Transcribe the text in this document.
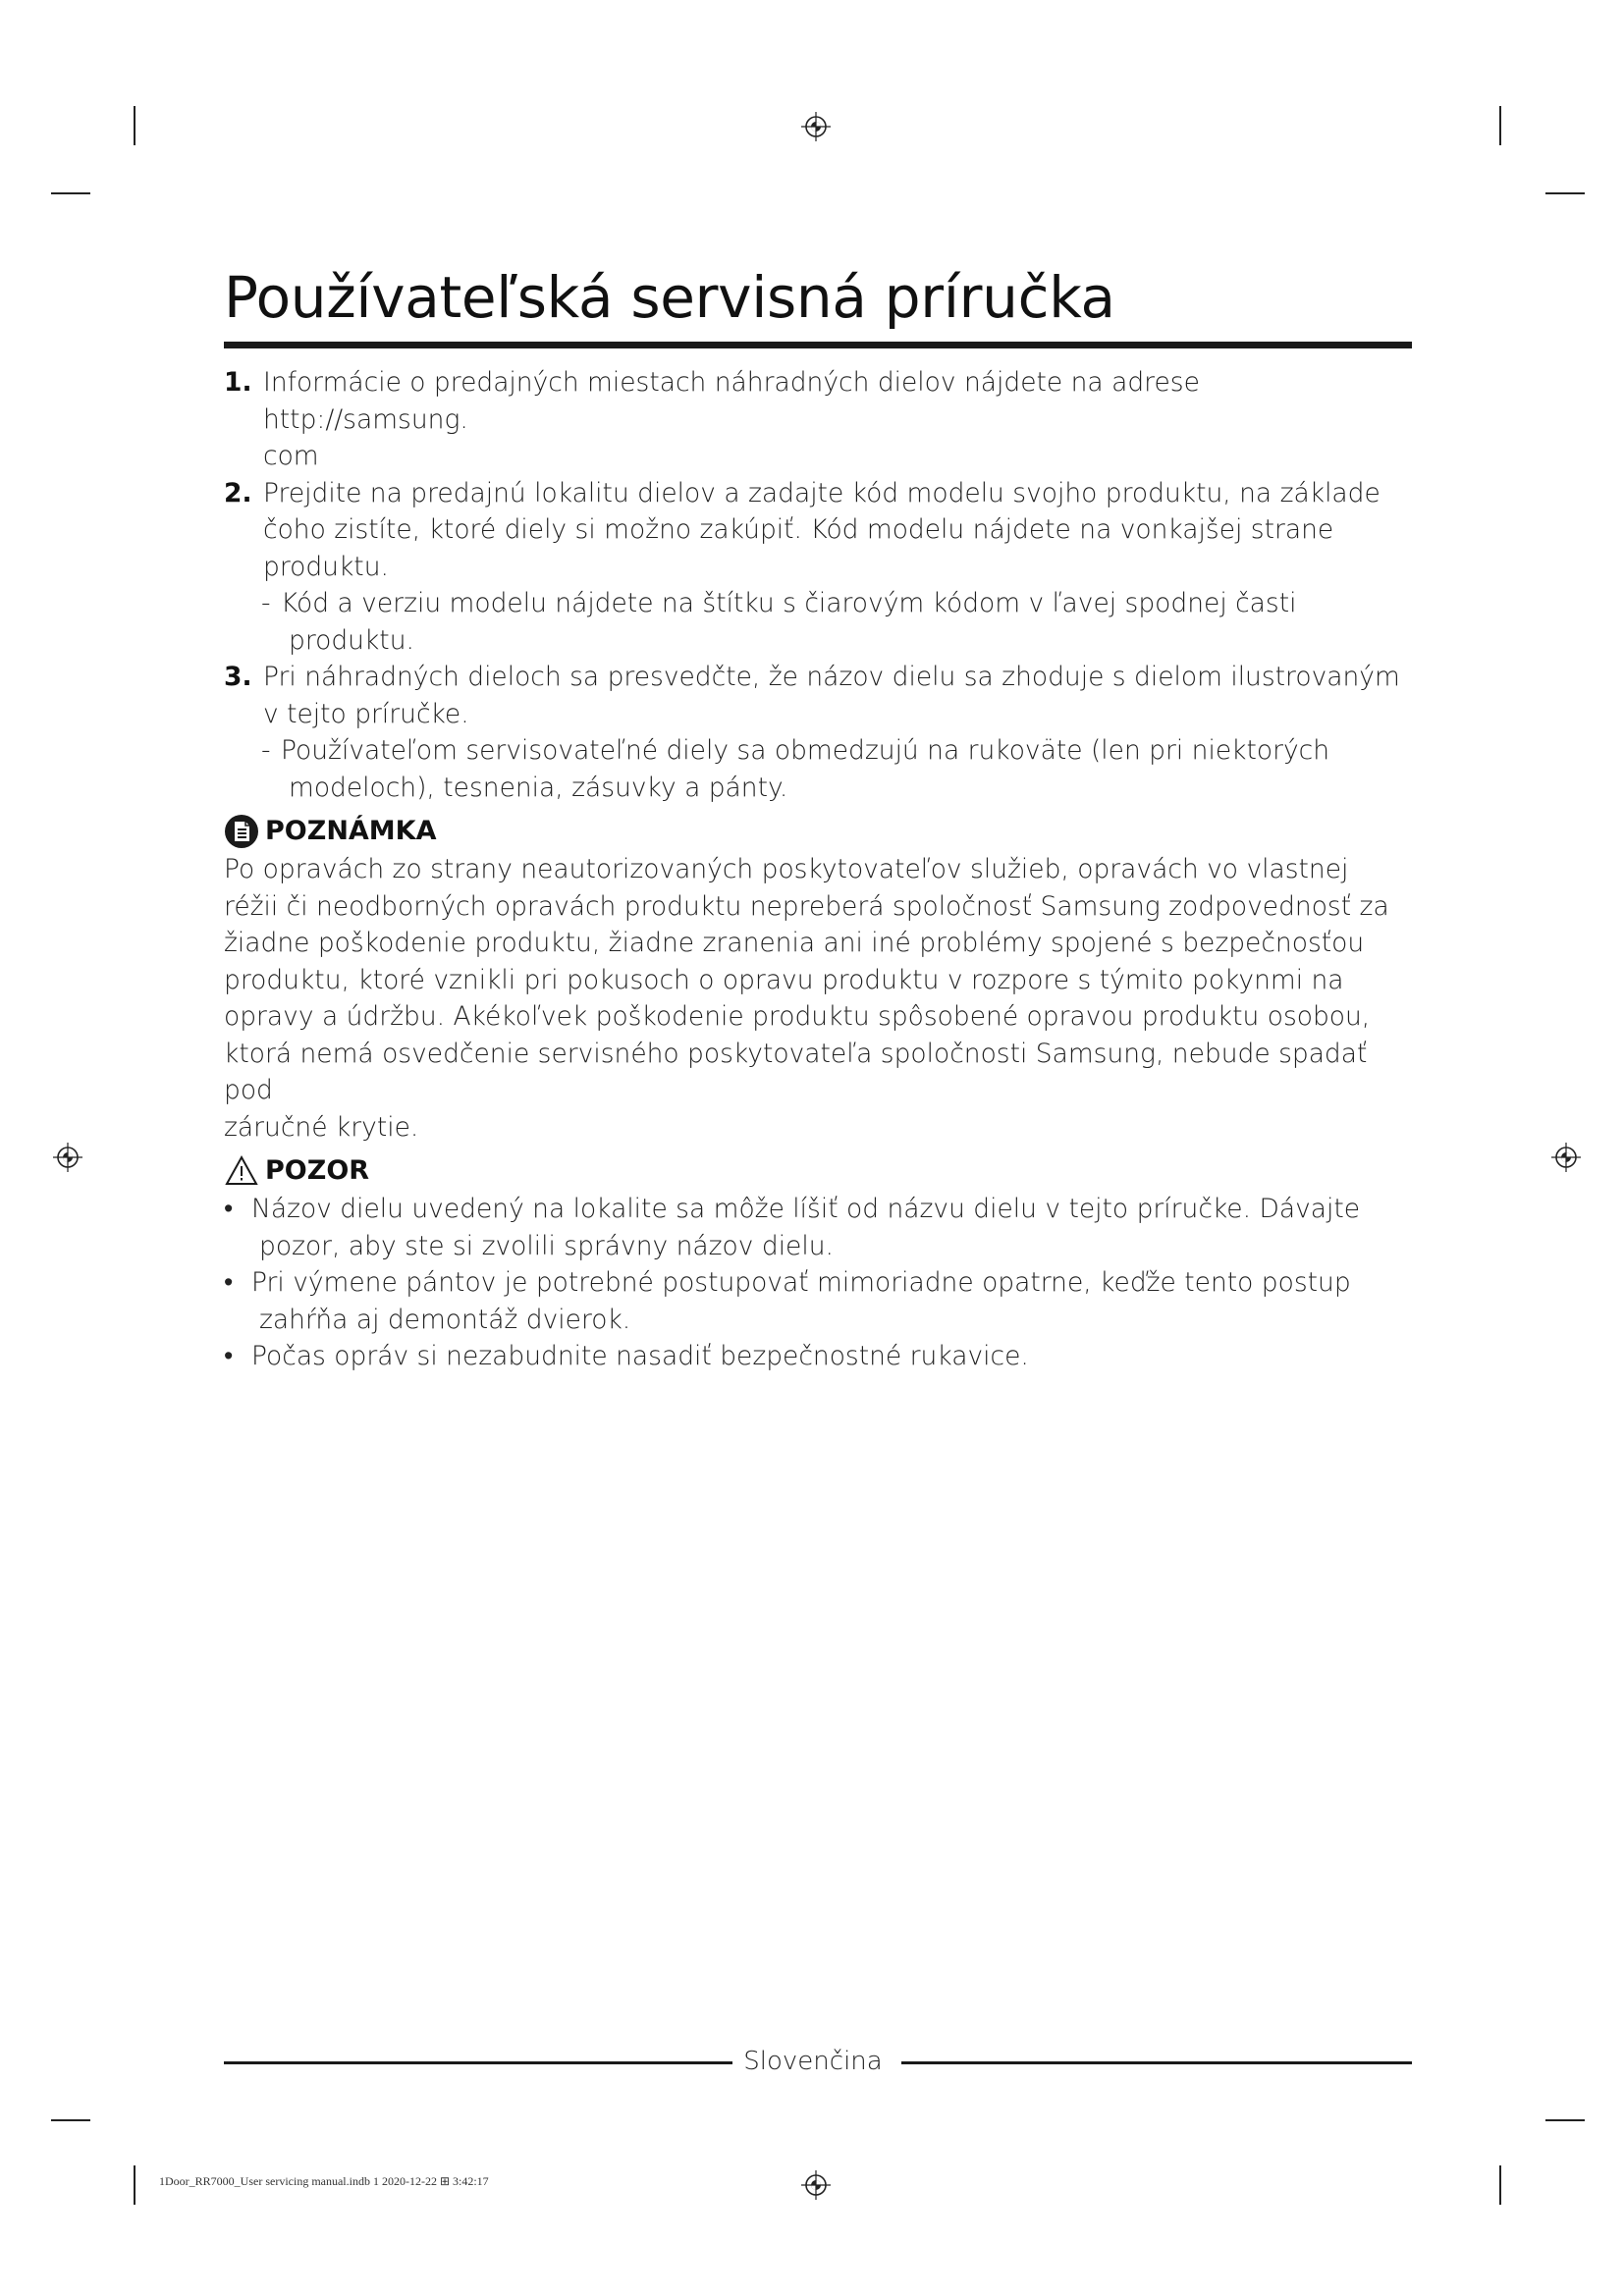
Používateľská servisná príručka
1. Informácie o predajných miestach náhradných dielov nájdete na adrese http://samsung.
com
2. Prejdite na predajnú lokalitu dielov a zadajte kód modelu svojho produktu, na základe
čoho zistíte, ktoré diely si možno zakúpiť. Kód modelu nájdete na vonkajšej strane
produktu.
- Kód a verziu modelu nájdete na štítku s čiarovým kódom v ľavej spodnej časti
produktu.
3. Pri náhradných dieloch sa presvedčte, že názov dielu sa zhoduje s dielom ilustrovaným
v tejto príručke.
- Používateľom servisovateľné diely sa obmedzujú na rukoväte (len pri niektorých
modeloch), tesnenia, zásuvky a pánty.
POZNÁMKA
Po opravách zo strany neautorizovaných poskytovateľov služieb, opravách vo vlastnej
réžii či neodborných opravách produktu nepreberá spoločnosť Samsung zodpovednosť za
žiadne poškodenie produktu, žiadne zranenia ani iné problémy spojené s bezpečnosťou
produktu, ktoré vznikli pri pokusoch o opravu produktu v rozpore s týmito pokynmi na
opravy a údržbu. Akékoľvek poškodenie produktu spôsobené opravou produktu osobou,
ktorá nemá osvedčenie servisného poskytovateľa spoločnosti Samsung, nebude spadať pod
záručné krytie.
POZOR
• Názov dielu uvedený na lokalite sa môže líšiť od názvu dielu v tejto príručke. Dávajte
pozor, aby ste si zvolili správny názov dielu.
• Pri výmene pántov je potrebné postupovať mimoriadne opatrne, keďže tento postup
zahŕňa aj demontáž dvierok.
• Počas opráv si nezabudnite nasadiť bezpečnostné rukavice.
Slovenčina
1Door_RR7000_User servicing manual.indb 1 2020-12-22 ⊞ 3:42:17
